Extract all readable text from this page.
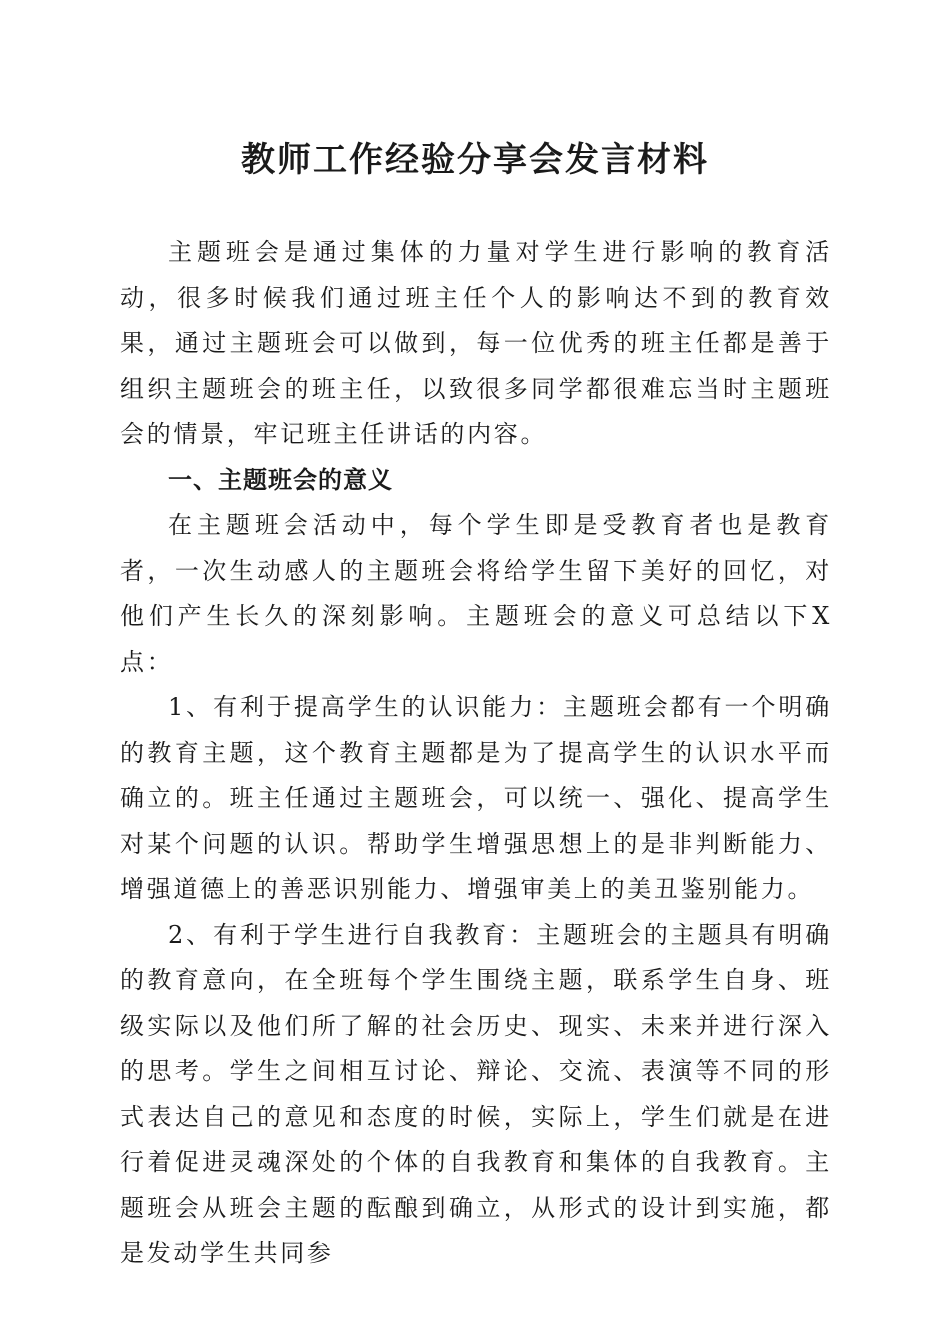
教师工作经验分享会发言材料

主题班会是通过集体的力量对学生进行影响的教育活动，很多时候我们通过班主任个人的影响达不到的教育效果，通过主题班会可以做到，每一位优秀的班主任都是善于组织主题班会的班主任，以致很多同学都很难忘当时主题班会的情景，牢记班主任讲话的内容。

一、主题班会的意义

在主题班会活动中，每个学生即是受教育者也是教育者，一次生动感人的主题班会将给学生留下美好的回忆，对他们产生长久的深刻影响。主题班会的意义可总结以下X点：

1、有利于提高学生的认识能力：主题班会都有一个明确的教育主题，这个教育主题都是为了提高学生的认识水平而确立的。班主任通过主题班会，可以统一、强化、提高学生对某个问题的认识。帮助学生增强思想上的是非判断能力、增强道德上的善恶识别能力、增强审美上的美丑鉴别能力。

2、有利于学生进行自我教育：主题班会的主题具有明确的教育意向，在全班每个学生围绕主题，联系学生自身、班级实际以及他们所了解的社会历史、现实、未来并进行深入的思考。学生之间相互讨论、辩论、交流、表演等不同的形式表达自己的意见和态度的时候，实际上，学生们就是在进行着促进灵魂深处的个体的自我教育和集体的自我教育。主题班会从班会主题的酝酿到确立，从形式的设计到实施，都是发动学生共同参
